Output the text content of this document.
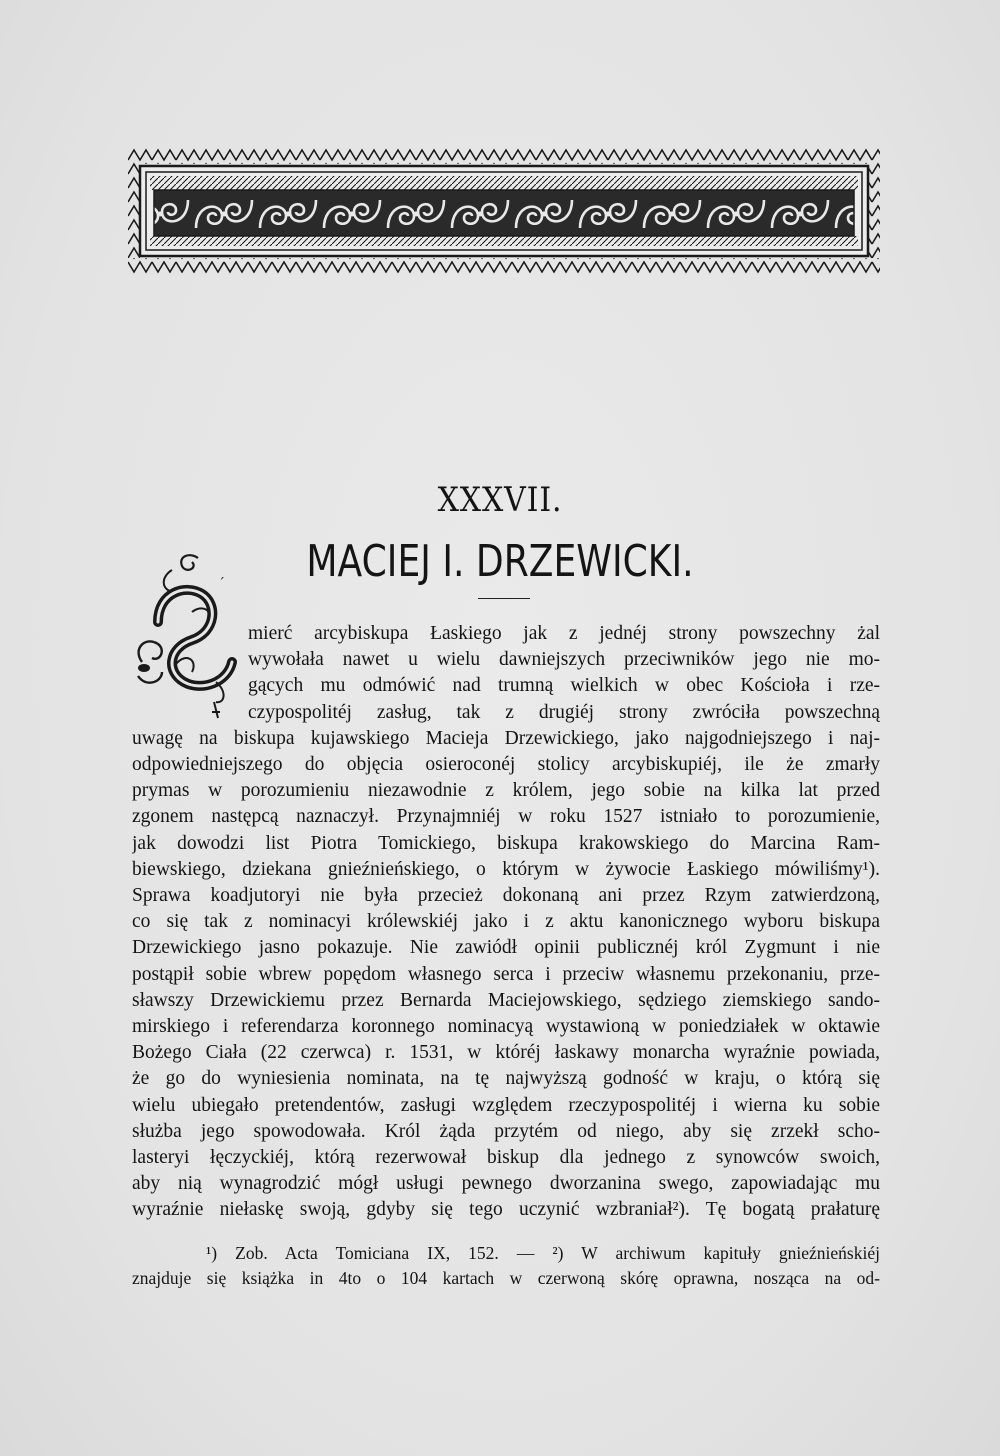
XXXVII.
MACIEJ I. DRZEWICKI.
´
mierć arcybiskupa Łaskiego jak z jednéj strony powszechny żal
wywołała nawet u wielu dawniejszych przeciwników jego nie mo-
gących mu odmówić nad trumną wielkich w obec Kościoła i rze-
czypospolitéj zasług, tak z drugiéj strony zwróciła powszechną
uwagę na biskupa kujawskiego Macieja Drzewickiego, jako najgodniejszego i naj-
odpowiedniejszego do objęcia osieroconéj stolicy arcybiskupiéj, ile że zmarły
prymas w porozumieniu niezawodnie z królem, jego sobie na kilka lat przed
zgonem następcą naznaczył. Przynajmniéj w roku 1527 istniało to porozumienie,
jak dowodzi list Piotra Tomickiego, biskupa krakowskiego do Marcina Ram-
biewskiego, dziekana gnieźnieńskiego, o którym w żywocie Łaskiego mówiliśmy¹).
Sprawa koadjutoryi nie była przecież dokonaną ani przez Rzym zatwierdzoną,
co się tak z nominacyi królewskiéj jako i z aktu kanonicznego wyboru biskupa
Drzewickiego jasno pokazuje. Nie zawiódł opinii publicznéj król Zygmunt i nie
postąpił sobie wbrew popędom własnego serca i przeciw własnemu przekonaniu, prze-
sławszy Drzewickiemu przez Bernarda Maciejowskiego, sędziego ziemskiego sando-
mirskiego i referendarza koronnego nominacyą wystawioną w poniedziałek w oktawie
Bożego Ciała (22 czerwca) r. 1531, w któréj łaskawy monarcha wyraźnie powiada,
że go do wyniesienia nominata, na tę najwyższą godność w kraju, o którą się
wielu ubiegało pretendentów, zasługi względem rzeczypospolitéj i wierna ku sobie
służba jego spowodowała. Król żąda przytém od niego, aby się zrzekł scho-
lasteryi łęczyckiéj, którą rezerwował biskup dla jednego z synowców swoich,
aby nią wynagrodzić mógł usługi pewnego dworzanina swego, zapowiadając mu
wyraźnie niełaskę swoją, gdyby się tego uczynić wzbraniał²). Tę bogatą prałaturę
¹) Zob. Acta Tomiciana IX, 152. — ²) W archiwum kapituły gnieźnieńskiéj
znajduje się książka in 4to o 104 kartach w czerwoną skórę oprawna, nosząca na od-
